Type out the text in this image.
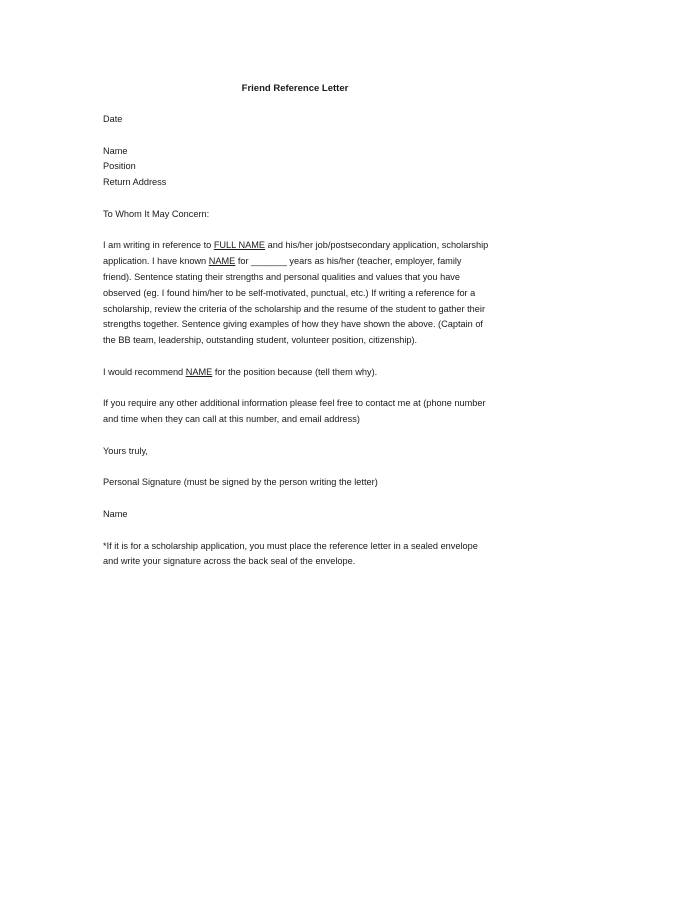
Friend Reference Letter

Date

Name
Position
Return Address

To Whom It May Concern:

I am writing in reference to FULL NAME and his/her job/postsecondary application, scholarship
application. I have known NAME for _______ years as his/her (teacher, employer, family
friend). Sentence stating their strengths and personal qualities and values that you have
observed (eg. I found him/her to be self-motivated, punctual, etc.) If writing a reference for a
scholarship, review the criteria of the scholarship and the resume of the student to gather their
strengths together. Sentence giving examples of how they have shown the above. (Captain of
the BB team, leadership, outstanding student, volunteer position, citizenship).

I would recommend NAME for the position because (tell them why).

If you require any other additional information please feel free to contact me at (phone number
and time when they can call at this number, and email address)

Yours truly,

Personal Signature (must be signed by the person writing the letter)

Name

*If it is for a scholarship application, you must place the reference letter in a sealed envelope
and write your signature across the back seal of the envelope.
